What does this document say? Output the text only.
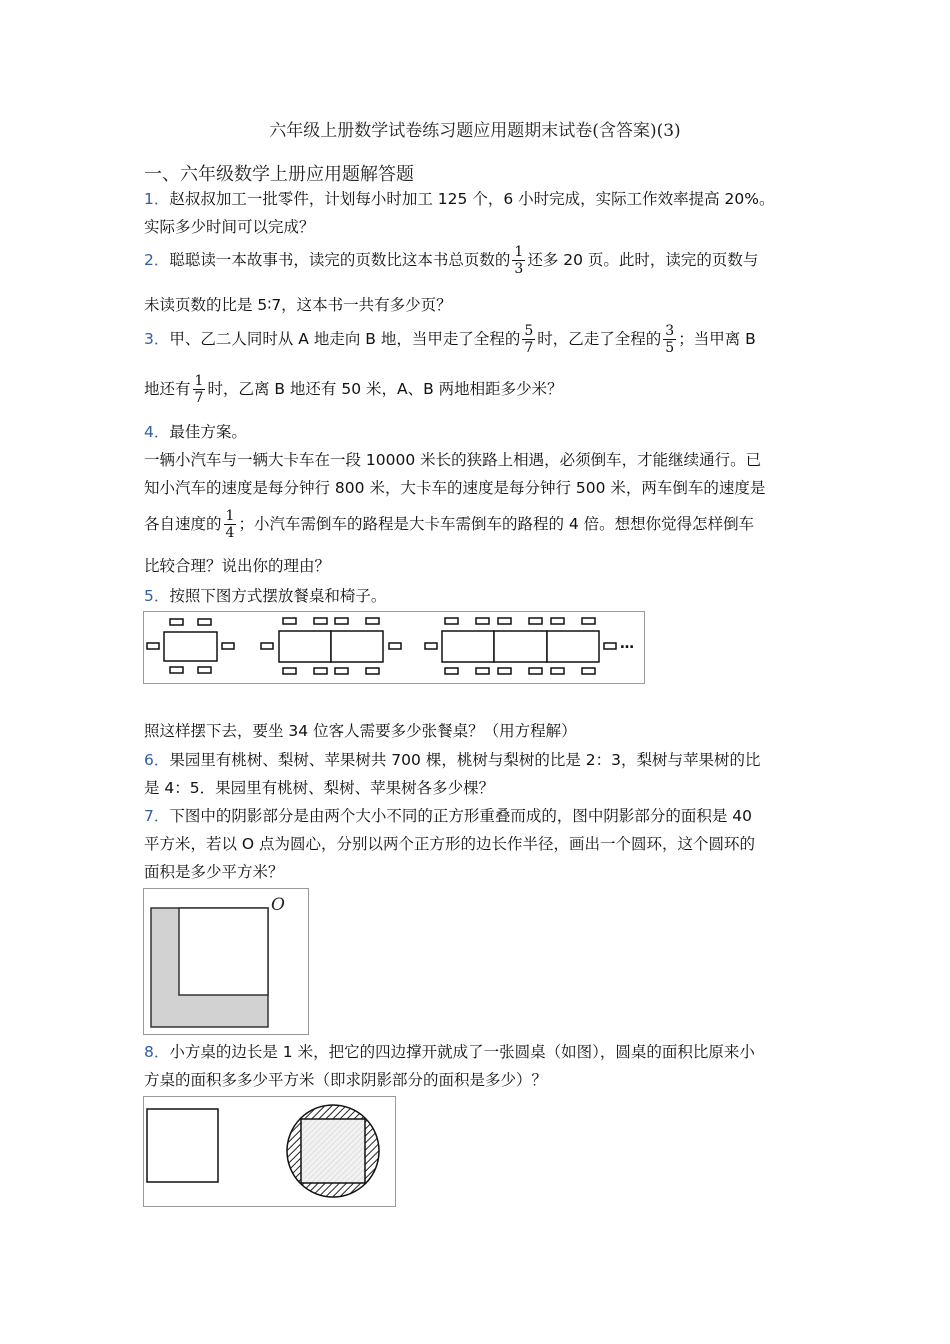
六年级上册数学试卷练习题应用题期末试卷(含答案)(3)
一、六年级数学上册应用题解答题
1．赵叔叔加工一批零件，计划每小时加工 125 个，6 小时完成，实际工作效率提高 20%。
实际多少时间可以完成？
2．聪聪读一本故事书，读完的页数比这本书总页数的 $\frac{1}{3}$ 还多 20 页。此时，读完的页数与
未读页数的比是 5∶7，这本书一共有多少页？
3．甲、乙二人同时从 A 地走向 B 地，当甲走了全程的 $\frac{5}{7}$ 时，乙走了全程的 $\frac{3}{5}$ ；当甲离 B
地还有 $\frac{1}{7}$ 时，乙离 B 地还有 50 米，A、B 两地相距多少米？
4．最佳方案。
一辆小汽车与一辆大卡车在一段 10000 米长的狭路上相遇，必须倒车，才能继续通行。已
知小汽车的速度是每分钟行 800 米，大卡车的速度是每分钟行 500 米，两车倒车的速度是
各自速度的 $\frac{1}{4}$ ；小汽车需倒车的路程是大卡车需倒车的路程的 4 倍。想想你觉得怎样倒车
比较合理？说出你的理由？
5．按照下图方式摆放餐桌和椅子。
…
照这样摆下去，要坐 34 位客人需要多少张餐桌？（用方程解）
6．果园里有桃树、梨树、苹果树共 700 棵，桃树与梨树的比是 2：3，梨树与苹果树的比
是 4：5．果园里有桃树、梨树、苹果树各多少棵？
7．下图中的阴影部分是由两个大小不同的正方形重叠而成的，图中阴影部分的面积是 40
平方米，若以 O 点为圆心，分别以两个正方形的边长作半径，画出一个圆环，这个圆环的
面积是多少平方米？
O
8．小方桌的边长是 1 米，把它的四边撑开就成了一张圆桌（如图），圆桌的面积比原来小
方桌的面积多多少平方米（即求阴影部分的面积是多少）？
